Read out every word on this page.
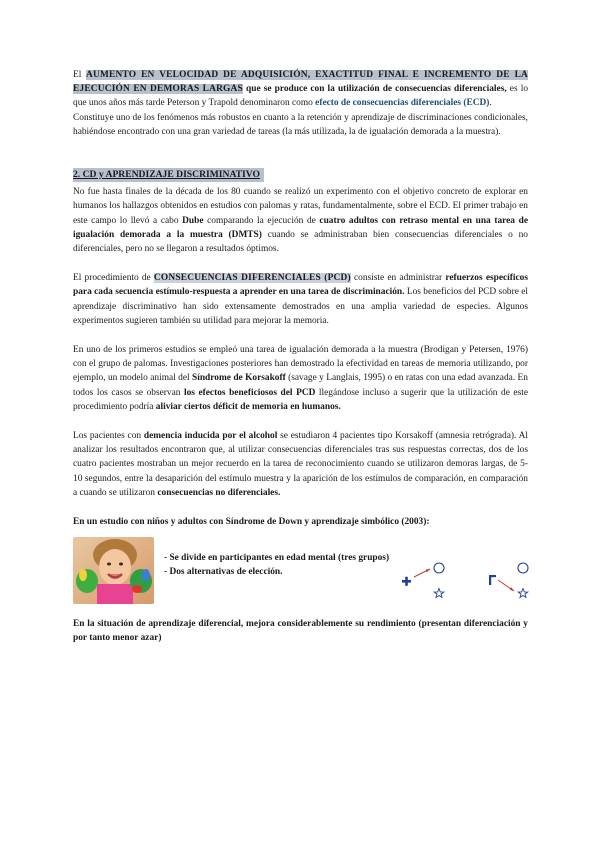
El AUMENTO EN VELOCIDAD DE ADQUISICIÓN, EXACTITUD FINAL E INCREMENTO DE LA EJECUCIÓN EN DEMORAS LARGAS que se produce con la utilización de consecuencias diferenciales, es lo que unos años más tarde Peterson y Trapold denominaron como efecto de consecuencias diferenciales (ECD).

Constituye uno de los fenómenos más robustos en cuanto a la retención y aprendizaje de discriminaciones condicionales, habiéndose encontrado con una gran variedad de tareas (la más utilizada, la de igualación demorada a la muestra).

2. CD y APRENDIZAJE DISCRIMINATIVO

No fue hasta finales de la década de los 80 cuando se realizó un experimento con el objetivo concreto de explorar en humanos los hallazgos obtenidos en estudios con palomas y ratas, fundamentalmente, sobre el ECD. El primer trabajo en este campo lo llevó a cabo Dube comparando la ejecución de cuatro adultos con retraso mental en una tarea de igualación demorada a la muestra (DMTS) cuando se administraban bien consecuencias diferenciales o no diferenciales, pero no se llegaron a resultados óptimos.

El procedimiento de CONSECUENCIAS DIFERENCIALES (PCD) consiste en administrar refuerzos específicos para cada secuencia estímulo-respuesta a aprender en una tarea de discriminación. Los beneficios del PCD sobre el aprendizaje discriminativo han sido extensamente demostrados en una amplia variedad de especies. Algunos experimentos sugieren también su utilidad para mejorar la memoria.

En uno de los primeros estudios se empleó una tarea de igualación demorada a la muestra (Brodigan y Petersen, 1976) con el grupo de palomas. Investigaciones posteriores han demostrado la efectividad en tareas de memoria utilizando, por ejemplo, un modelo animal del Síndrome de Korsakoff (savage y Langlais, 1995) o en ratas con una edad avanzada. En todos los casos se observan los efectos beneficiosos del PCD llegándose incluso a sugerir que la utilización de este procedimiento podría aliviar ciertos déficit de memoria en humanos.

Los pacientes con demencia inducida por el alcohol se estudiaron 4 pacientes tipo Korsakoff (amnesia retrógrada). Al analizar los resultados encontraron que, al utilizar consecuencias diferenciales tras sus respuestas correctas, dos de los cuatro pacientes mostraban un mejor recuerdo en la tarea de reconocimiento cuando se utilizaron demoras largas, de 5-10 segundos, entre la desaparición del estímulo muestra y la aparición de los estímulos de comparación, en comparación a cuando se utilizaron consecuencias no diferenciales.

En un estudio con niños y adultos con Síndrome de Down y aprendizaje simbólico (2003):

- Se divide en participantes en edad mental (tres grupos)

- Dos alternativas de elección.

En la situación de aprendizaje diferencial, mejora considerablemente su rendimiento (presentan diferenciación y por tanto menor azar)
